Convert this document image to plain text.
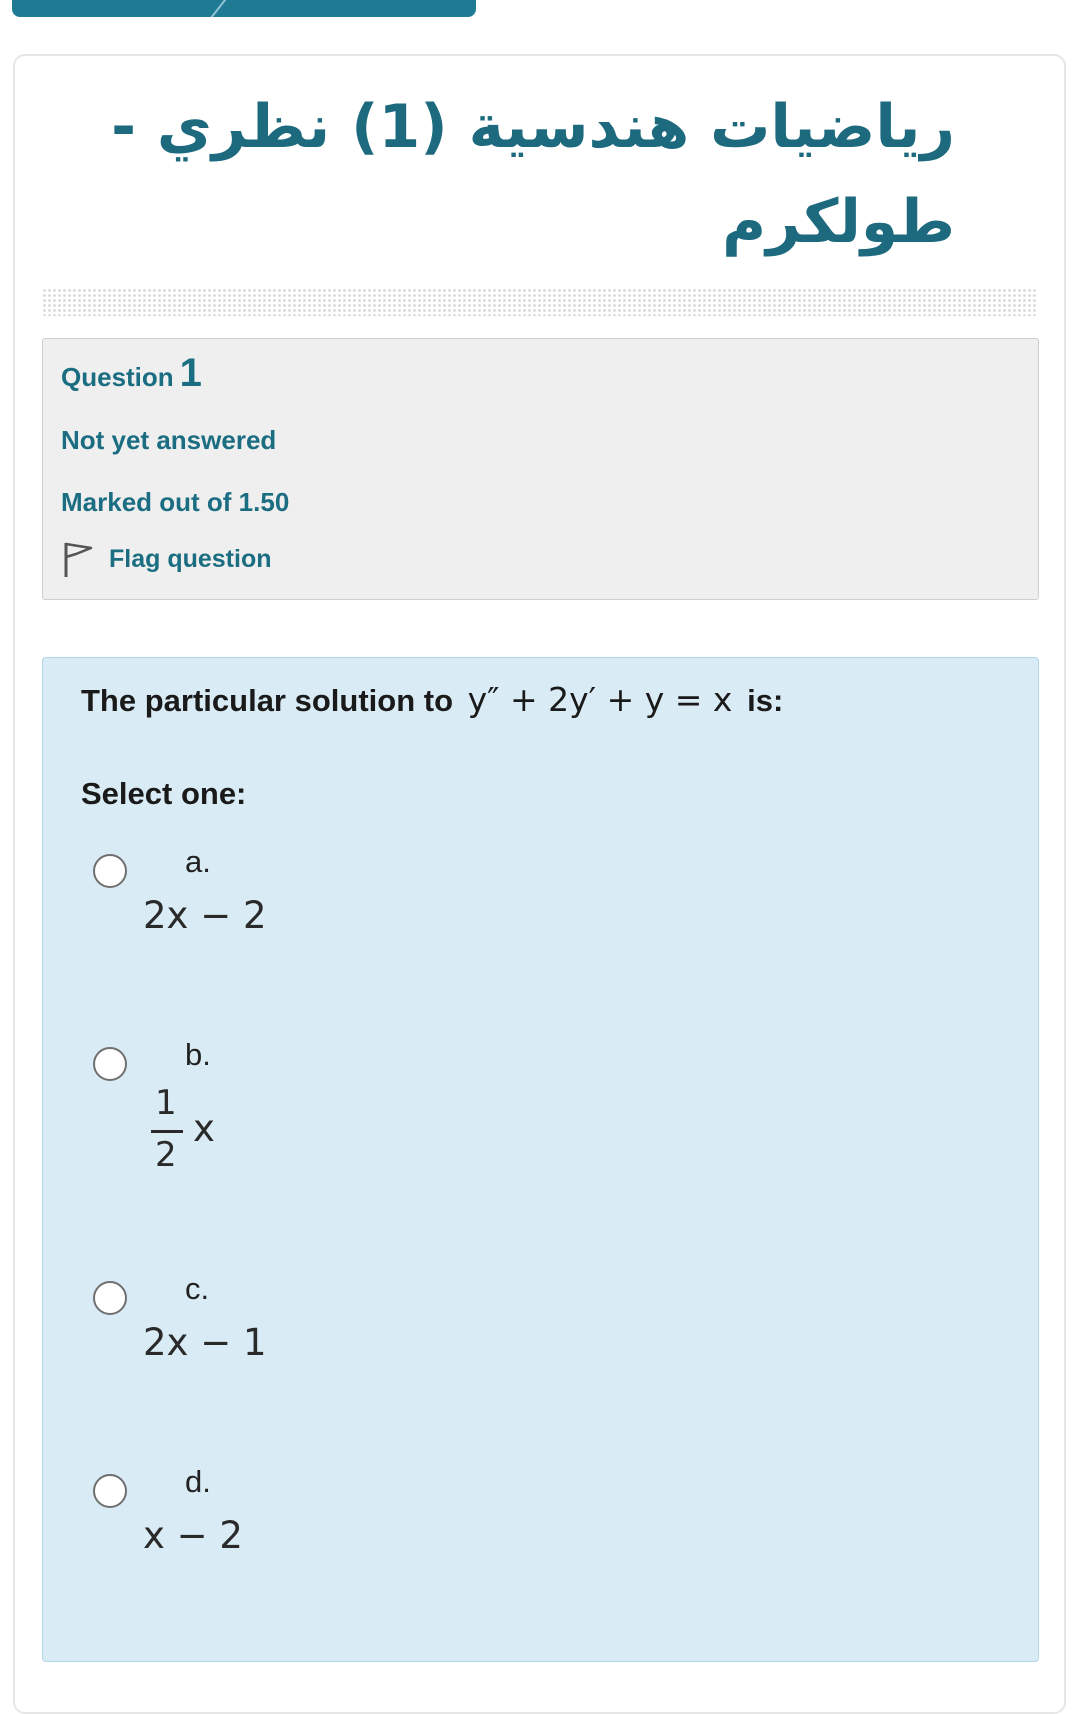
رياضيات هندسية (1) نظري - طولكرم
Question 1
Not yet answered
Marked out of 1.50
Flag question
The particular solution to y″ + 2y′ + y = x is:
Select one:
a.
2x − 2
b.
1
2
x
c.
2x − 1
d.
x − 2
